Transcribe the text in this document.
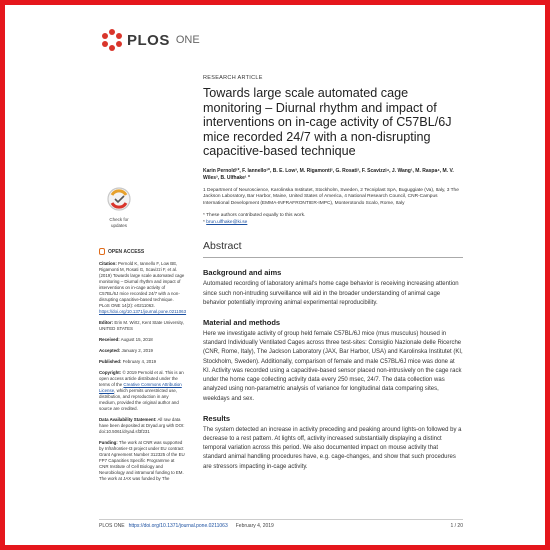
PLOS ONE
Check for updates
RESEARCH ARTICLE
Towards large scale automated cage monitoring – Diurnal rhythm and impact of interventions on in-cage activity of C57BL/6J mice recorded 24/7 with a non-disrupting capacitive-based technique
Karin Pernold¹*, F. Iannello²*, B. E. Low³, M. Rigamonti², G. Rosati², F. Scavizzi⁴, J. Wang¹, M. Raspa⁴, M. V. Wiles³, B. Ulfhake¹ *
1 Department of Neuroscience, Karolinska Institutet, Stockholm, Sweden, 2 Tecniplast SpA, Buguggiate (Va), Italy, 3 The Jackson Laboratory, Bar Harbor, Maine, United States of America, 4 National Research Council, CNR-Campus International Development (EMMA-INFRAFRONTIER-IMPC), Monterotondo Scalo, Rome, Italy
* These authors contributed equally to this work.
* brun.ulfhake@ki.se
Abstract
Background and aims
Automated recording of laboratory animal's home cage behavior is receiving increasing attention since such non-intruding surveillance will aid in the broader understanding of animal cage behavior potentially improving animal experimental reproducibility.
Material and methods
Here we investigate activity of group held female C57BL/6J mice (mus musculus) housed in standard Individually Ventilated Cages across three test-sites: Consiglio Nazionale delle Ricerche (CNR, Rome, Italy), The Jackson Laboratory (JAX, Bar Harbor, USA) and Karolinska Institutet (KI, Stockholm, Sweden). Additionally, comparison of female and male C57BL/6J mice was done at KI. Activity was recorded using a capacitive-based sensor placed non-intrusively on the cage rack under the home cage collecting activity data every 250 msec, 24/7. The data collection was analyzed using non-parametric analysis of variance for longitudinal data comparing sites, weekdays and sex.
Results
The system detected an increase in activity preceding and peaking around lights-on followed by a decrease to a rest pattern. At lights off, activity increased substantially displaying a distinct temporal variation across this period. We also documented impact on mouse activity that standard animal handling procedures have, e.g. cage-changes, and show that such procedures are stressors impacting in-cage activity.
OPEN ACCESS

Citation: Pernold K, Iannello F, Low BE, Rigamonti M, Rosati G, Scavizzi F, et al. (2019) Towards large scale automated cage monitoring – Diurnal rhythm and impact of interventions on in-cage activity of C57BL/6J mice recorded 24/7 with a non-disrupting capacitive-based technique. PLoS ONE 14(2): e0211063. https://doi.org/10.1371/journal.pone.0211063

Editor: Erin M. Wirtz, Kent State University, UNITED STATES

Received: August 15, 2018

Accepted: January 2, 2019

Published: February 4, 2019

Copyright: © 2019 Pernold et al. This is an open access article distributed under the terms of the Creative Commons Attribution License, which permits unrestricted use, distribution, and reproduction in any medium, provided the original author and source are credited.

Data Availability Statement: All raw data have been deposited at Dryad.org with DOI: doi:10.5061/dryad.sf3f231

Funding: The work at CNR was supported by Infrafrontier-I3 project under EU contract Grant Agreement Number 312325 of the EU FP7 Capacities Specific Programme at CNR Institute of Cell Biology and Neurobiology and intramural funding to EM. The work at JAX was funded by The

PLOS ONE https://doi.org/10.1371/journal.pone.0211063 February 4, 2019	1 / 20
